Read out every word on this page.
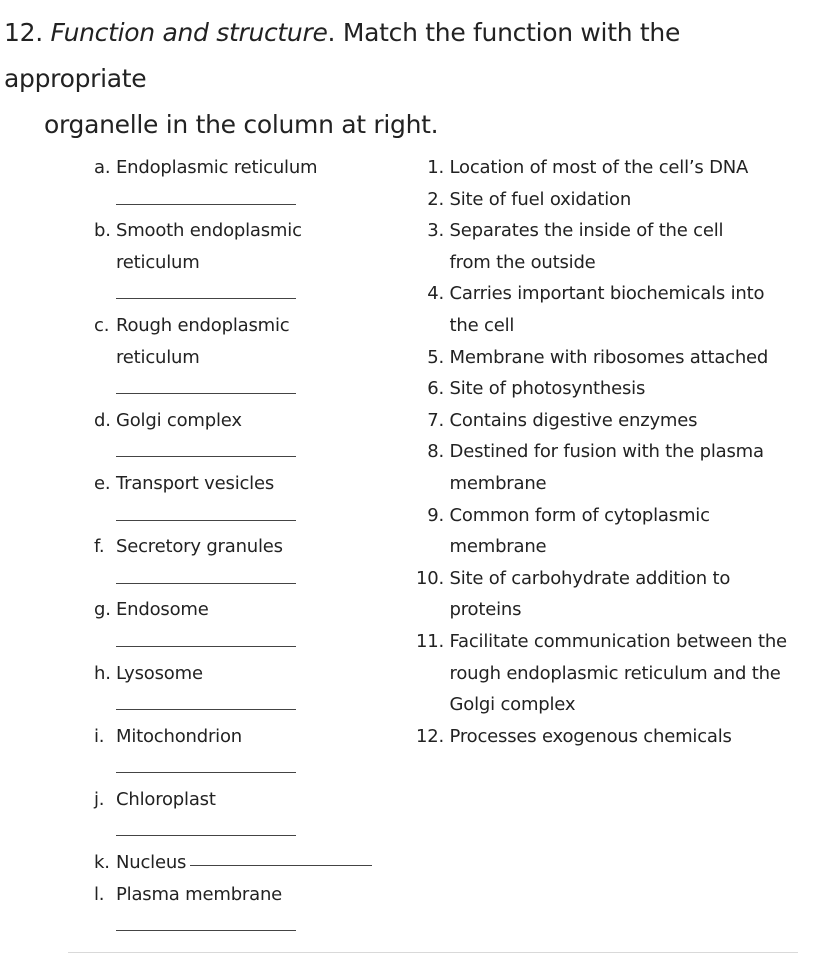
12. Function and structure. Match the function with the appropriate
organelle in the column at right.
a. Endoplasmic reticulum
b. Smooth endoplasmic reticulum
c. Rough endoplasmic reticulum
d. Golgi complex
e. Transport vesicles
f. Secretory granules
g. Endosome
h. Lysosome
i. Mitochondrion
j. Chloroplast
k. Nucleus
l. Plasma membrane
1.
Location of most of the cell’s DNA
2.
Site of fuel oxidation
3.
Separates the inside of the cell from the outside
4.
Carries important biochemicals into the cell
5.
Membrane with ribosomes attached
6.
Site of photosynthesis
7.
Contains digestive enzymes
8.
Destined for fusion with the plasma membrane
9.
Common form of cytoplasmic membrane
10.
Site of carbohydrate addition to proteins
11.
Facilitate communication between the rough endoplasmic reticulum and the Golgi complex
12.
Processes exogenous chemicals
